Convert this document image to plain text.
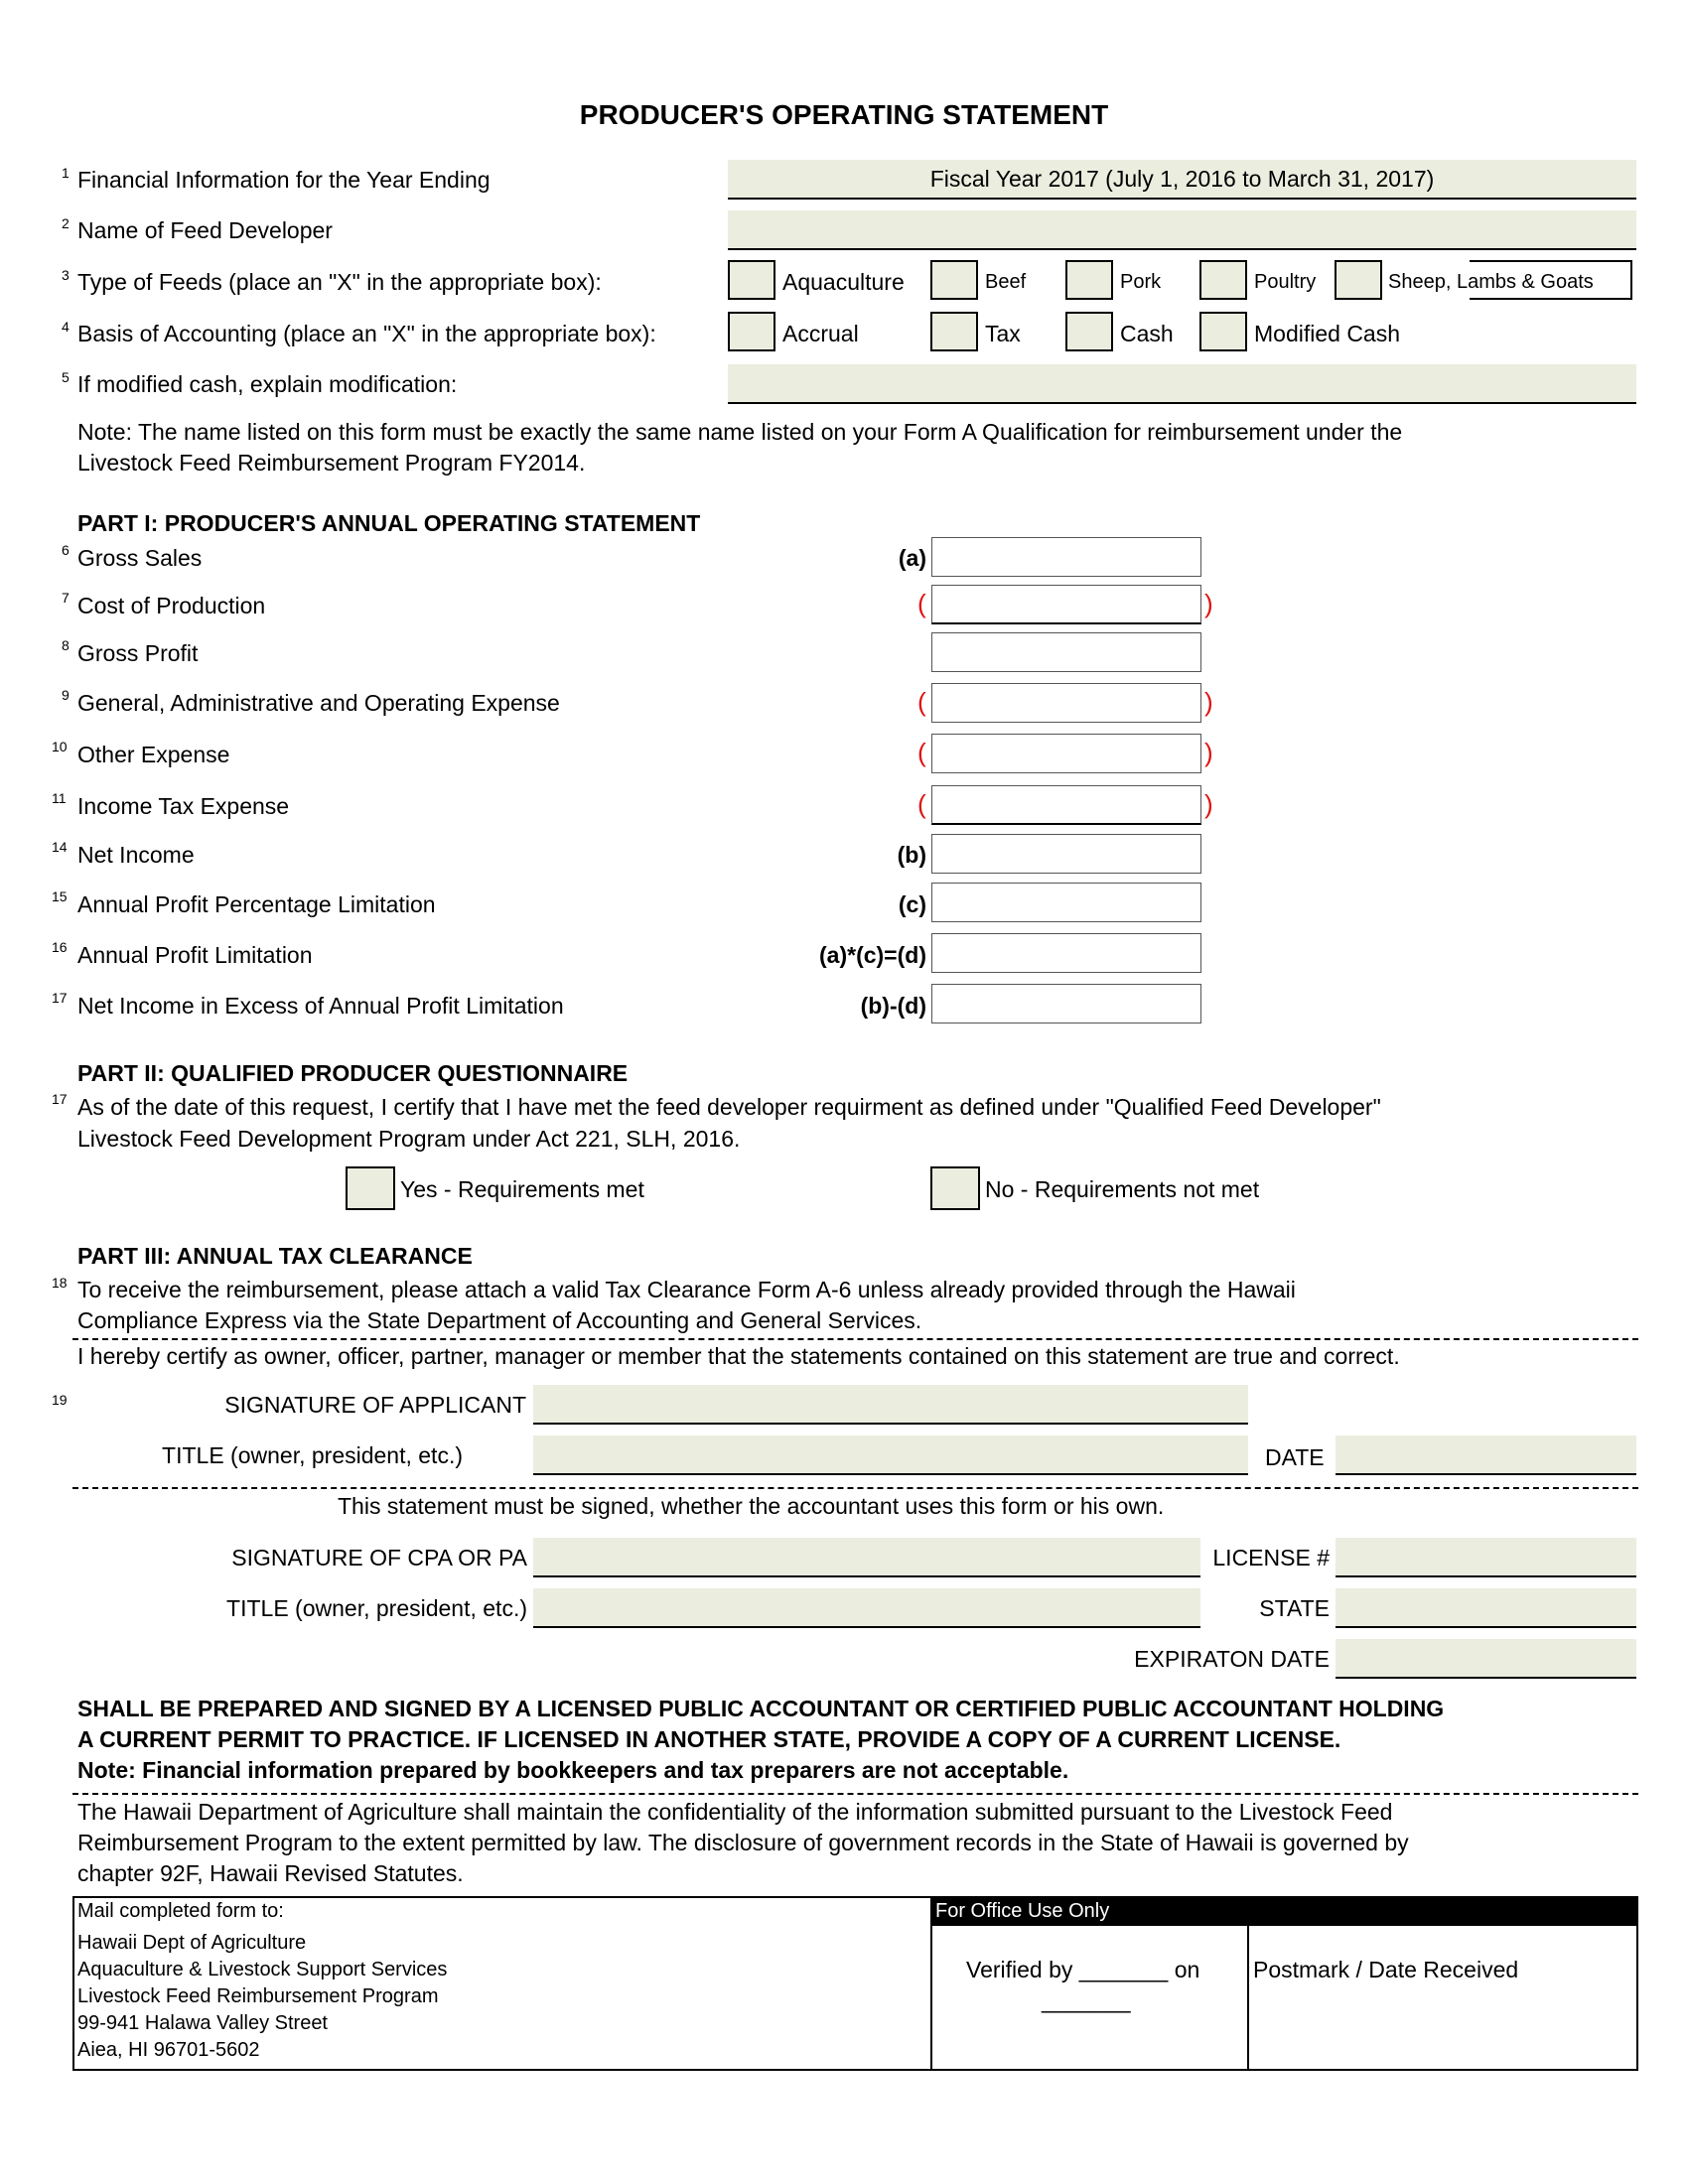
PRODUCER'S OPERATING STATEMENT
1 Financial Information for the Year Ending	Fiscal Year 2017 (July 1, 2016 to March 31, 2017)
2 Name of Feed Developer
3 Type of Feeds (place an "X" in the appropriate box):	Aquaculture	Beef	Pork	Poultry	Sheep, Lambs & Goats
4 Basis of Accounting (place an "X" in the appropriate box):	Accrual	Tax	Cash	Modified Cash
5 If modified cash, explain modification:
Note: The name listed on this form must be exactly the same name listed on your Form A Qualification for reimbursement under the
Livestock Feed Reimbursement Program FY2014.
PART I: PRODUCER'S ANNUAL OPERATING STATEMENT
6 Gross Sales	(a)
7 Cost of Production	(	)
8 Gross Profit
9 General, Administrative and Operating Expense	(	)
10 Other Expense	(	)
11 Income Tax Expense	(	)
14 Net Income	(b)
15 Annual Profit Percentage Limitation	(c)
16 Annual Profit Limitation	(a)*(c)=(d)
17 Net Income in Excess of Annual Profit Limitation	(b)-(d)
PART II: QUALIFIED PRODUCER QUESTIONNAIRE
17 As of the date of this request, I certify that I have met the feed developer requirment as defined under "Qualified Feed Developer"
Livestock Feed Development Program under Act 221, SLH, 2016.
Yes - Requirements met	No - Requirements not met
PART III: ANNUAL TAX CLEARANCE
18 To receive the reimbursement, please attach a valid Tax Clearance Form A-6 unless already provided through the Hawaii
Compliance Express via the State Department of Accounting and General Services.
I hereby certify as owner, officer, partner, manager or member that the statements contained on this statement are true and correct.
19	SIGNATURE OF APPLICANT
TITLE (owner, president, etc.)	DATE
This statement must be signed, whether the accountant uses this form or his own.
SIGNATURE OF CPA OR PA	LICENSE #
TITLE (owner, president, etc.)	STATE
EXPIRATON DATE
SHALL BE PREPARED AND SIGNED BY A LICENSED PUBLIC ACCOUNTANT OR CERTIFIED PUBLIC ACCOUNTANT HOLDING
A CURRENT PERMIT TO PRACTICE. IF LICENSED IN ANOTHER STATE, PROVIDE A COPY OF A CURRENT LICENSE.
Note: Financial information prepared by bookkeepers and tax preparers are not acceptable.
The Hawaii Department of Agriculture shall maintain the confidentiality of the information submitted pursuant to the Livestock Feed
Reimbursement Program to the extent permitted by law. The disclosure of government records in the State of Hawaii is governed by
chapter 92F, Hawaii Revised Statutes.
For Office Use Only
Mail completed form to:
Hawaii Dept of Agriculture
Aquaculture & Livestock Support Services
Livestock Feed Reimbursement Program
99-941 Halawa Valley Street
Aiea, HI 96701-5602
Verified by _______ on
_______
Postmark / Date Received
